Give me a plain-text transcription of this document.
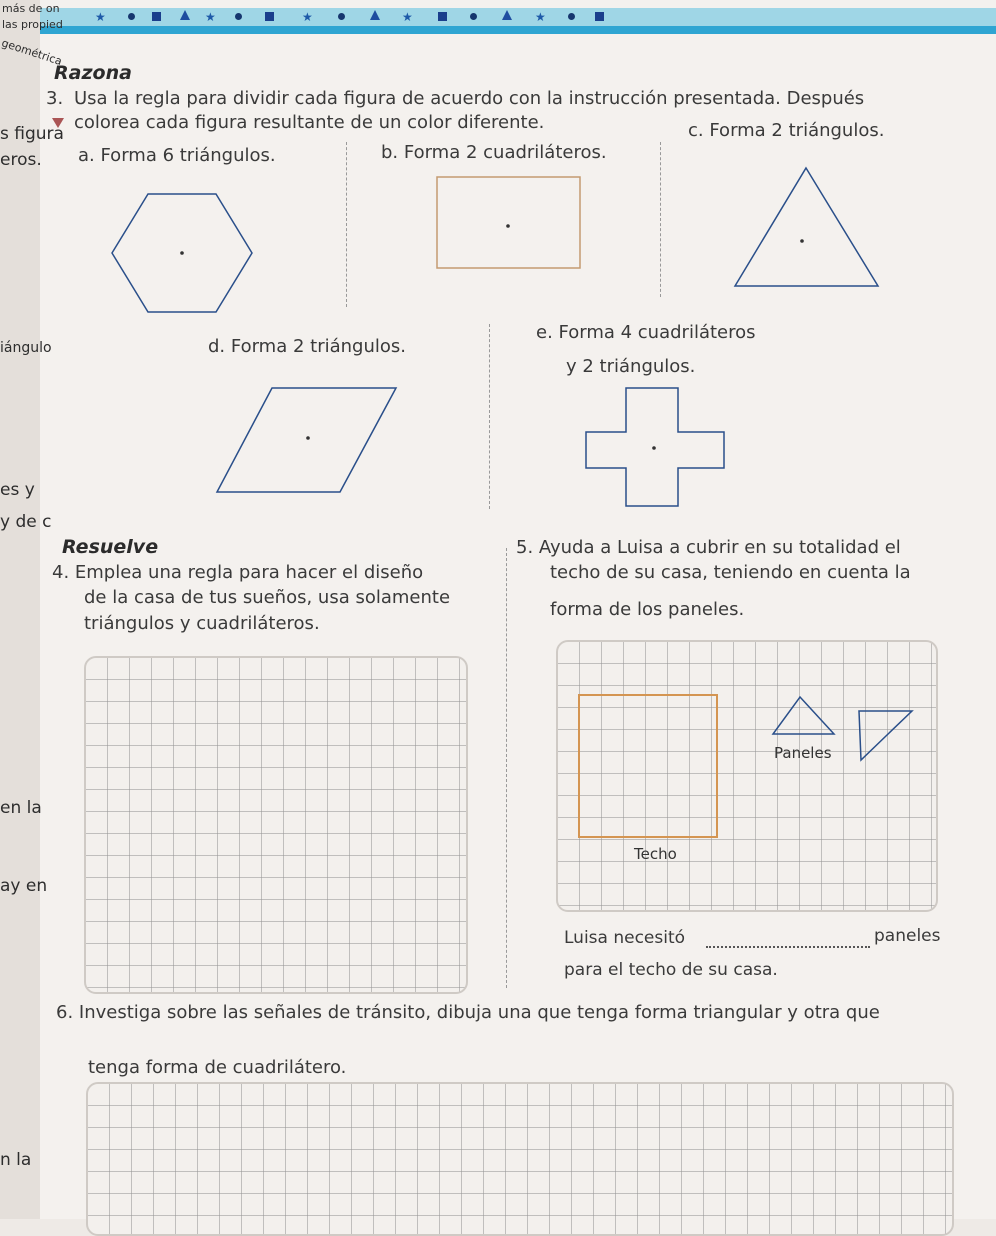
★	★	★	★	★
más de on
las propied
geométrica
s figura
eros.
iángulo
es y
y de c
en la
ay en
n la
Razona
3. Usa la regla para dividir cada figura de acuerdo con la instrucción presentada. Después
colorea cada figura resultante de un color diferente.
a. Forma 6 triángulos.	b. Forma 2 cuadriláteros.
c. Forma 2 triángulos.
d. Forma 2 triángulos.
e. Forma 4 cuadriláteros
y 2 triángulos.
Resuelve
4. Emplea una regla para hacer el diseño
de la casa de tus sueños, usa solamente
triángulos y cuadriláteros.
5. Ayuda a Luisa a cubrir en su totalidad el
techo de su casa, teniendo en cuenta la
forma de los paneles.
Techo
Paneles
Luisa necesitó	paneles
para el techo de su casa.
6. Investiga sobre las señales de tránsito, dibuja una que tenga forma triangular y otra que
tenga forma de cuadrilátero.
